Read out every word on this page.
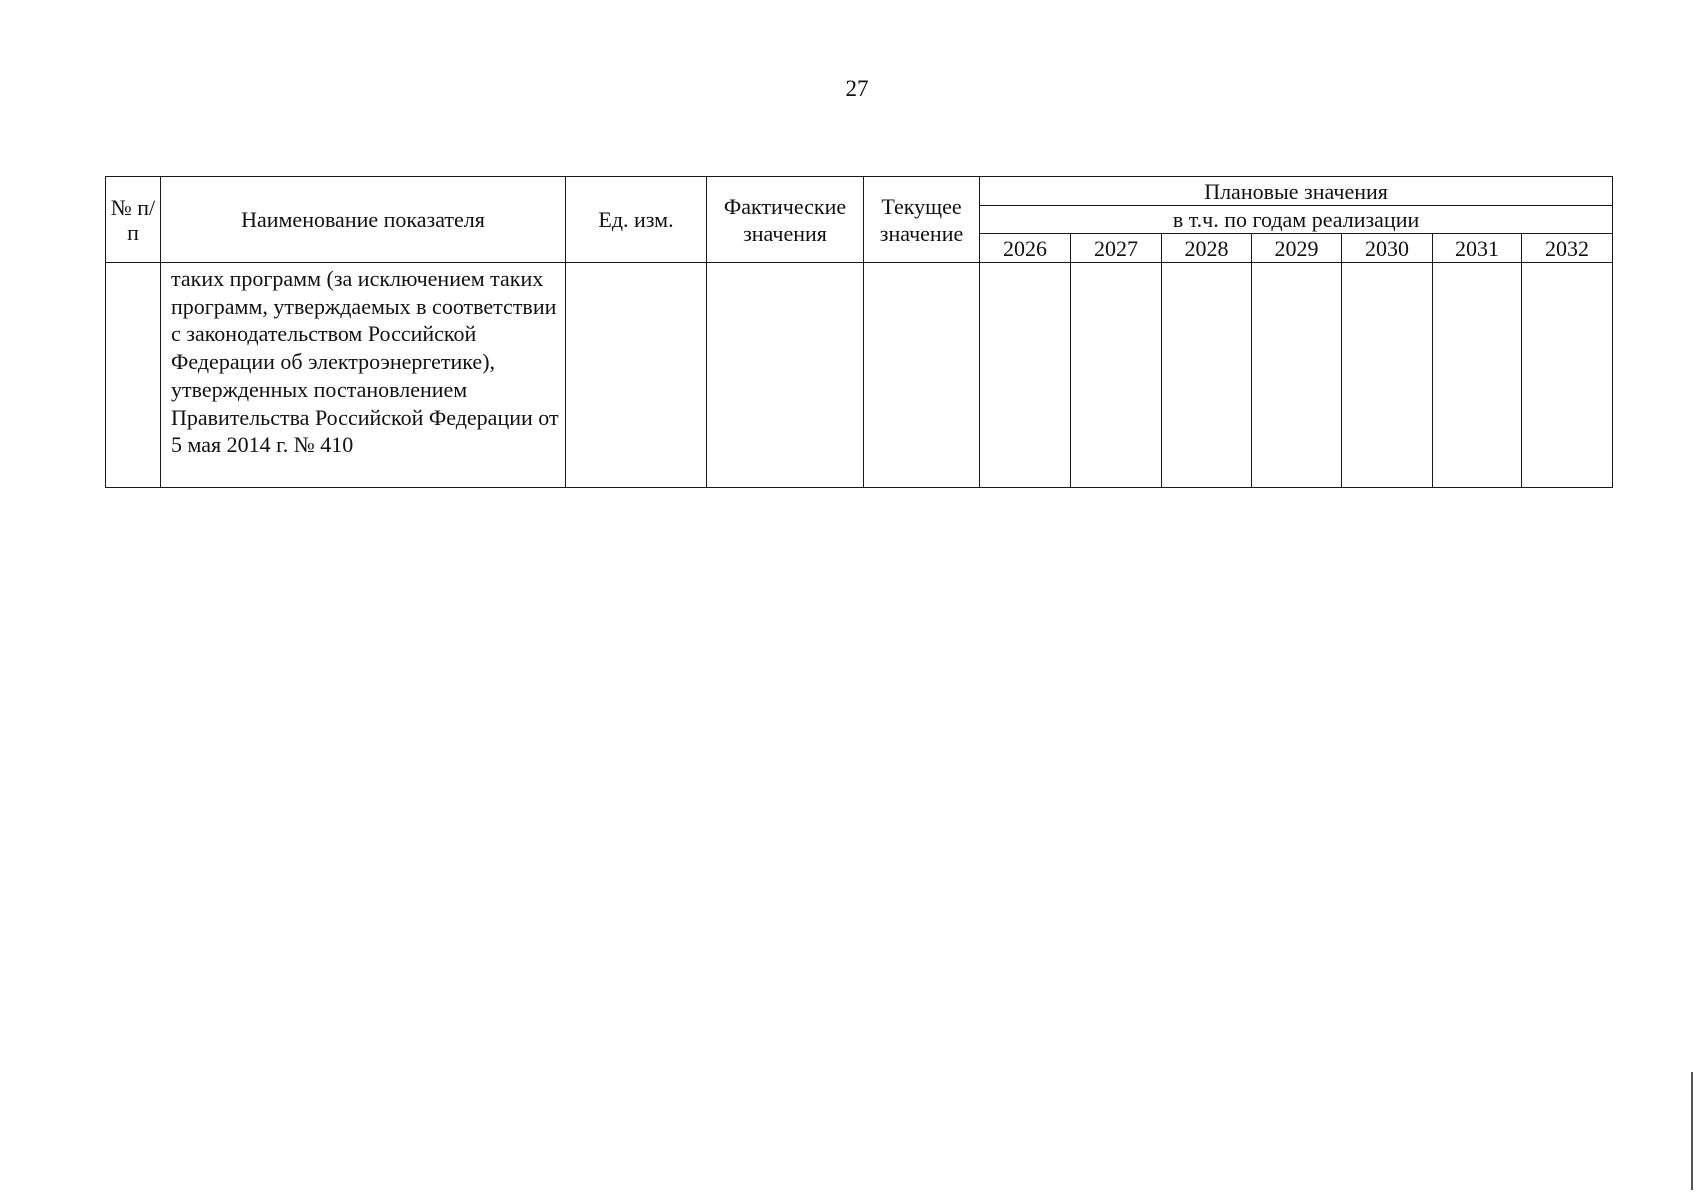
27
№ п/п	Наименование показателя	Ед. изм.	Фактические значения	Текущее значение	Плановые значения						
					в т.ч. по годам реализации						
					2026	2027	2028	2029	2030	2031	2032
	таких программ (за исключением таких программ, утверждаемых в соответствии с законодательством Российской Федерации об электроэнергетике), утвержденных постановлением Правительства Российской Федерации от 5 мая 2014 г. № 410										
